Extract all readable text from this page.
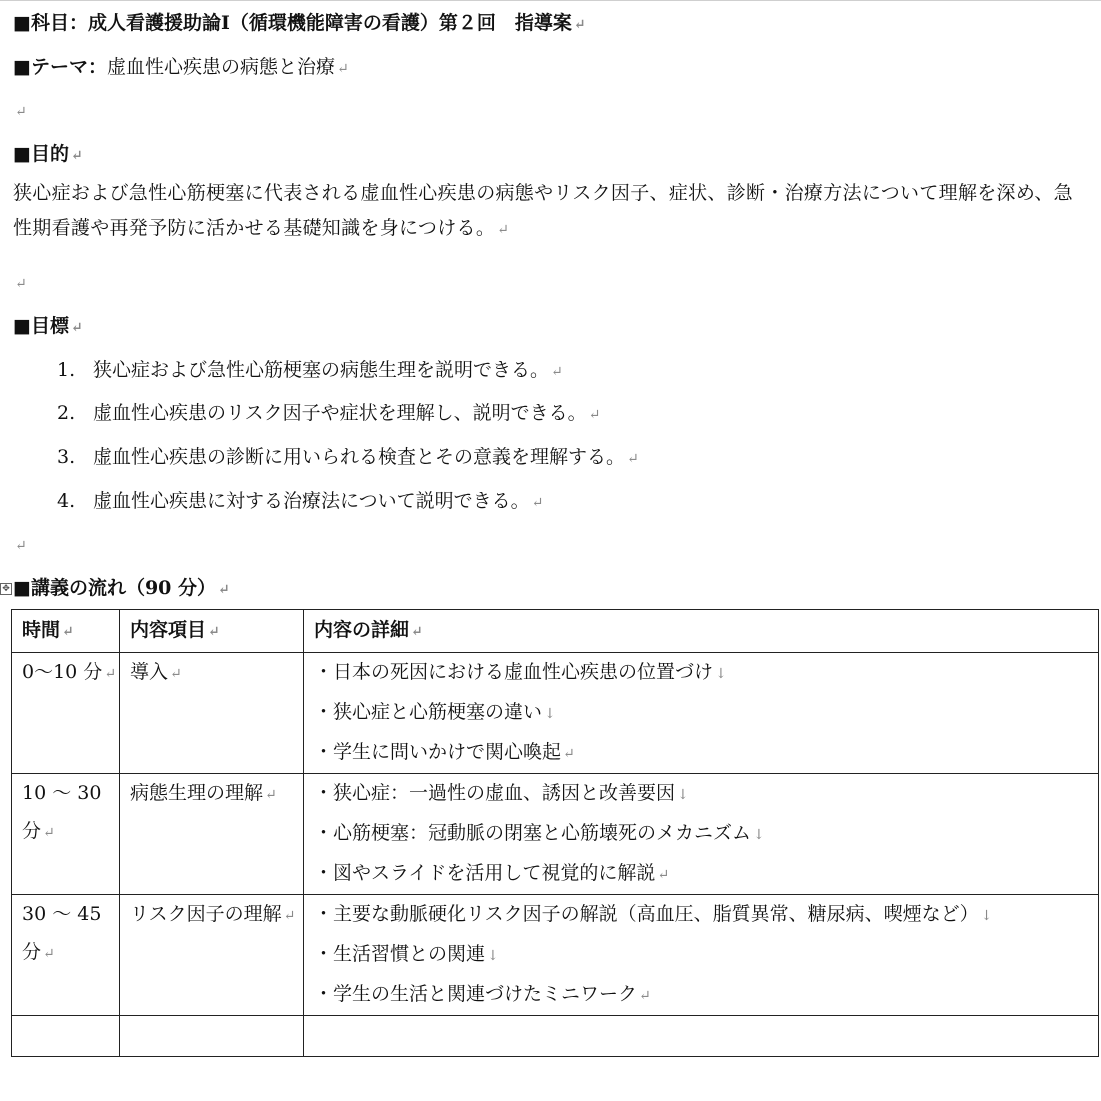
■科目：成人看護援助論Ⅰ（循環機能障害の看護）第２回　指導案 ↵
■テーマ：虚血性心疾患の病態と治療 ↵
↵
■目的 ↵
狭心症および急性心筋梗塞に代表される虚血性心疾患の病態やリスク因子、症状、診断・治療方法について理解を深め、急性期看護や再発予防に活かせる基礎知識を身につける。 ↵
↵
■目標 ↵
1. 狭心症および急性心筋梗塞の病態生理を説明できる。 ↵
2. 虚血性心疾患のリスク因子や症状を理解し、説明できる。 ↵
3. 虚血性心疾患の診断に用いられる検査とその意義を理解する。 ↵
4. 虚血性心疾患に対する治療法について説明できる。 ↵
↵
✥ ■講義の流れ（90 分） ↵
時間 ↵	内容項目 ↵	内容の詳細 ↵
0〜10 分 ↵	導入 ↵	・日本の死因における虚血性心疾患の位置づけ ↓
・狭心症と心筋梗塞の違い ↓
・学生に問いかけで関心喚起 ↵

10 〜 30 分 ↵	病態生理の理解 ↵	・狭心症：一過性の虚血、誘因と改善要因 ↓
・心筋梗塞：冠動脈の閉塞と心筋壊死のメカニズム ↓
・図やスライドを活用して視覚的に解説 ↵

30 〜 45 分 ↵	リスク因子の理解 ↵	・主要な動脈硬化リスク因子の解説（高血圧、脂質異常、糖尿病、喫煙など） ↓
・生活習慣との関連 ↓
・学生の生活と関連づけたミニワーク ↵
